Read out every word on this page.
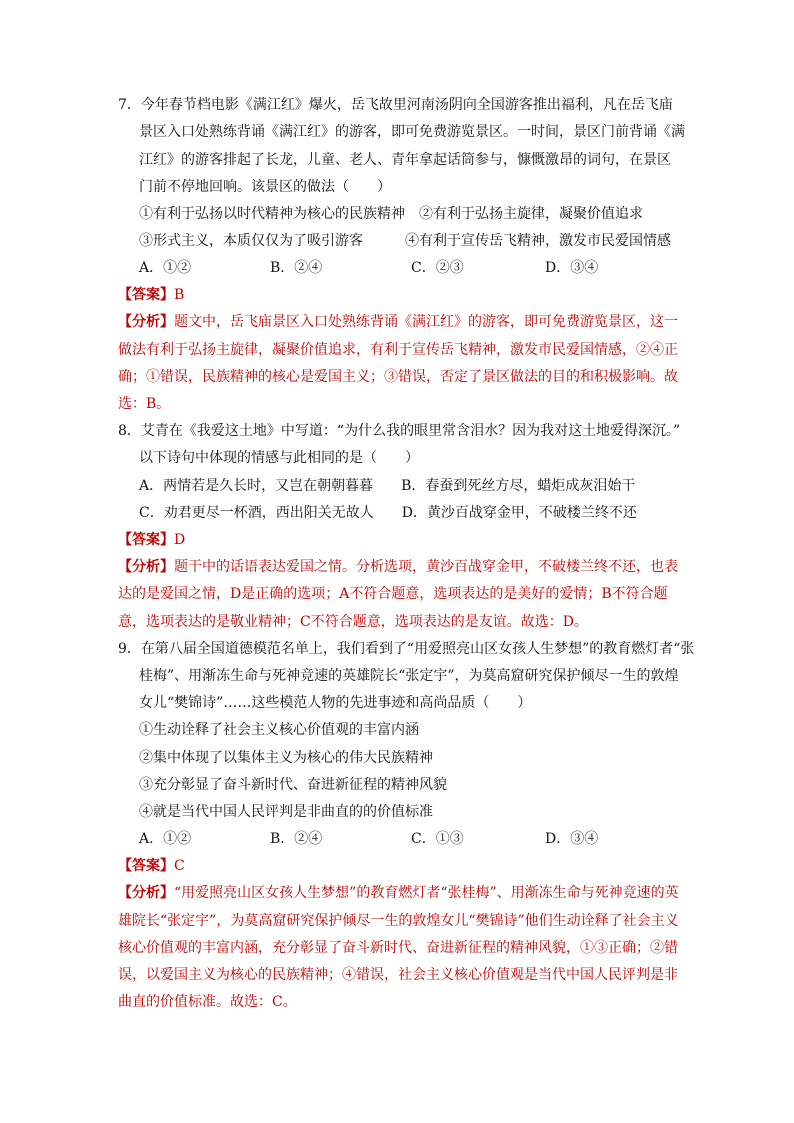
7．今年春节档电影《满江红》爆火，岳飞故里河南汤阴向全国游客推出福利，凡在岳飞庙
景区入口处熟练背诵《满江红》的游客，即可免费游览景区。一时间，景区门前背诵《满
江红》的游客排起了长龙，儿童、老人、青年拿起话筒参与，慷慨激昂的词句，在景区
门前不停地回响。该景区的做法（　　）
①有利于弘扬以时代精神为核心的民族精神　②有利于弘扬主旋律，凝聚价值追求
③形式主义，本质仅仅为了吸引游客　　　④有利于宣传岳飞精神，激发市民爱国情感
A．①②	B．②④	C．②③	D．③④
【答案】B
【分析】题文中，岳飞庙景区入口处熟练背诵《满江红》的游客，即可免费游览景区，这一
做法有利于弘扬主旋律，凝聚价值追求，有利于宣传岳飞精神，激发市民爱国情感，②④正
确；①错误，民族精神的核心是爱国主义；③错误，否定了景区做法的目的和积极影响。故
选：B。
8．艾青在《我爱这土地》中写道：“为什么我的眼里常含泪水？因为我对这土地爱得深沉。”
以下诗句中体现的情感与此相同的是（　　）
A．两情若是久长时，又岂在朝朝暮暮　　B．春蚕到死丝方尽，蜡炬成灰泪始干
C．劝君更尽一杯酒，西出阳关无故人　　D．黄沙百战穿金甲，不破楼兰终不还
【答案】D
【分析】题干中的话语表达爱国之情。分析选项，黄沙百战穿金甲，不破楼兰终不还，也表
达的是爱国之情，D是正确的选项；A不符合题意，选项表达的是美好的爱情；B不符合题
意，选项表达的是敬业精神；C不符合题意，选项表达的是友谊。故选：D。
9．在第八届全国道德模范名单上，我们看到了“用爱照亮山区女孩人生梦想”的教育燃灯者“张
桂梅”、用渐冻生命与死神竞速的英雄院长“张定宇”，为莫高窟研究保护倾尽一生的敦煌
女儿“樊锦诗”……这些模范人物的先进事迹和高尚品质（　　）
①生动诠释了社会主义核心价值观的丰富内涵
②集中体现了以集体主义为核心的伟大民族精神
③充分彰显了奋斗新时代、奋进新征程的精神风貌
④就是当代中国人民评判是非曲直的的价值标准
A．①②	B．②④	C．①③	D．③④
【答案】C
【分析】“用爱照亮山区女孩人生梦想”的教育燃灯者“张桂梅”、用渐冻生命与死神竞速的英
雄院长“张定宇”，为莫高窟研究保护倾尽一生的敦煌女儿“樊锦诗”他们生动诠释了社会主义
核心价值观的丰富内涵，充分彰显了奋斗新时代、奋进新征程的精神风貌，①③正确；②错
误，以爱国主义为核心的民族精神；④错误，社会主义核心价值观是当代中国人民评判是非
曲直的价值标准。故选：C。
